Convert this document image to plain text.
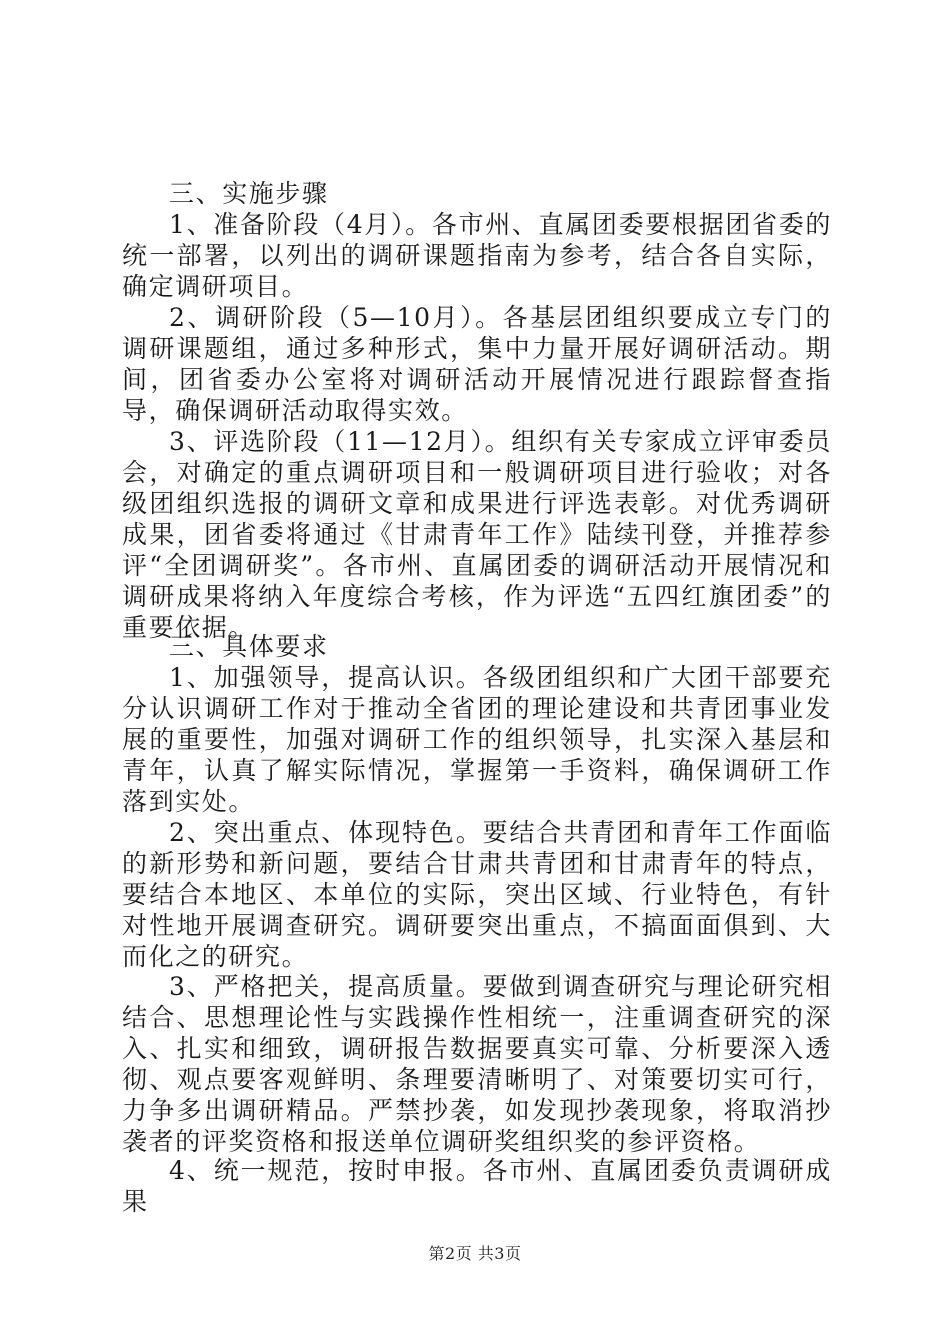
三、实施步骤

1、准备阶段（4月）。各市州、直属团委要根据团省委的统一部署，以列出的调研课题指南为参考，结合各自实际，确定调研项目。

2、调研阶段（5—10月）。各基层团组织要成立专门的调研课题组，通过多种形式，集中力量开展好调研活动。期间，团省委办公室将对调研活动开展情况进行跟踪督查指导，确保调研活动取得实效。

3、评选阶段（11—12月）。组织有关专家成立评审委员会，对确定的重点调研项目和一般调研项目进行验收；对各级团组织选报的调研文章和成果进行评选表彰。对优秀调研成果，团省委将通过《甘肃青年工作》陆续刊登，并推荐参评“全团调研奖”。各市州、直属团委的调研活动开展情况和调研成果将纳入年度综合考核，作为评选“五四红旗团委”的重要依据。

三、具体要求

1、加强领导，提高认识。各级团组织和广大团干部要充分认识调研工作对于推动全省团的理论建设和共青团事业发展的重要性，加强对调研工作的组织领导，扎实深入基层和青年，认真了解实际情况，掌握第一手资料，确保调研工作落到实处。

2、突出重点、体现特色。要结合共青团和青年工作面临的新形势和新问题，要结合甘肃共青团和甘肃青年的特点，要结合本地区、本单位的实际，突出区域、行业特色，有针对性地开展调查研究。调研要突出重点，不搞面面俱到、大而化之的研究。

3、严格把关，提高质量。要做到调查研究与理论研究相结合、思想理论性与实践操作性相统一，注重调查研究的深入、扎实和细致，调研报告数据要真实可靠、分析要深入透彻、观点要客观鲜明、条理要清晰明了、对策要切实可行，力争多出调研精品。严禁抄袭，如发现抄袭现象，将取消抄袭者的评奖资格和报送单位调研奖组织奖的参评资格。

4、统一规范，按时申报。各市州、直属团委负责调研成果

第2页 共3页
